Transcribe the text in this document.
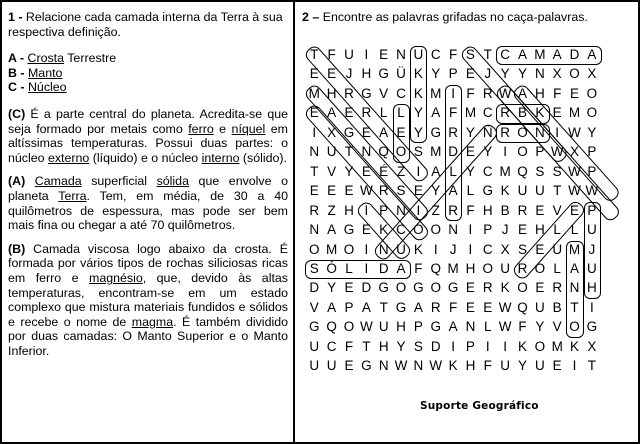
1 - Relacione cada camada interna da Terra à sua respectiva definição.

A - Crosta Terrestre

B - Manto

C - Núcleo

(C) É a parte central do planeta. Acredita-se que seja formado por metais como ferro e níquel em altíssimas temperaturas. Possui duas partes: o núcleo externo (líquido) e o núcleo interno (sólido).

(A) Camada superficial sólida que envolve o planeta Terra. Tem, em média, de 30 a 40 quilômetros de espessura, mas pode ser bem mais fina ou chegar a até 70 quilômetros.

(B) Camada viscosa logo abaixo da crosta. É formada por vários tipos de rochas siliciosas ricas em ferro e magnésio, que, devido às altas temperaturas, encontram-se em um estado complexo que mistura materiais fundidos e sólidos e recebe o nome de magma. É também dividido por duas camadas: O Manto Superior e o Manto Inferior.

2 – Encontre as palavras grifadas no caça-palavras.
T F U I E N U C F S T C A M A D A
E E J H G Ü K Y P E J Y Y N X O X
M H R G V C K M I F R W A H F E O
E A E R L L Y A F M C R B K E M O
I X G E A E Y G R Y Ñ R O N I W Y
N U T N Q O S M D E Y I O P W X P
T V Y E É Z I A L Y C M Q S S W P
E E E W R S E Y A L G K U U T W W
R Z H I P N I Z R F H B R E V E P
N A G E K C O O N I P J E H L L U
O M O I N U K I J I C X S E U M J
S Ó L I D A F Q M H O U R O L A U
D Y E D G O G O G E R K O E R N H
V A P A T G A R F E E W Q U B T I
G Q O W U H P G A N L W F Y V O G
U C F T H Y S D I P I I K O M K X
U U E G N W N W K H F U Y U E I T
Suporte Geográfico
